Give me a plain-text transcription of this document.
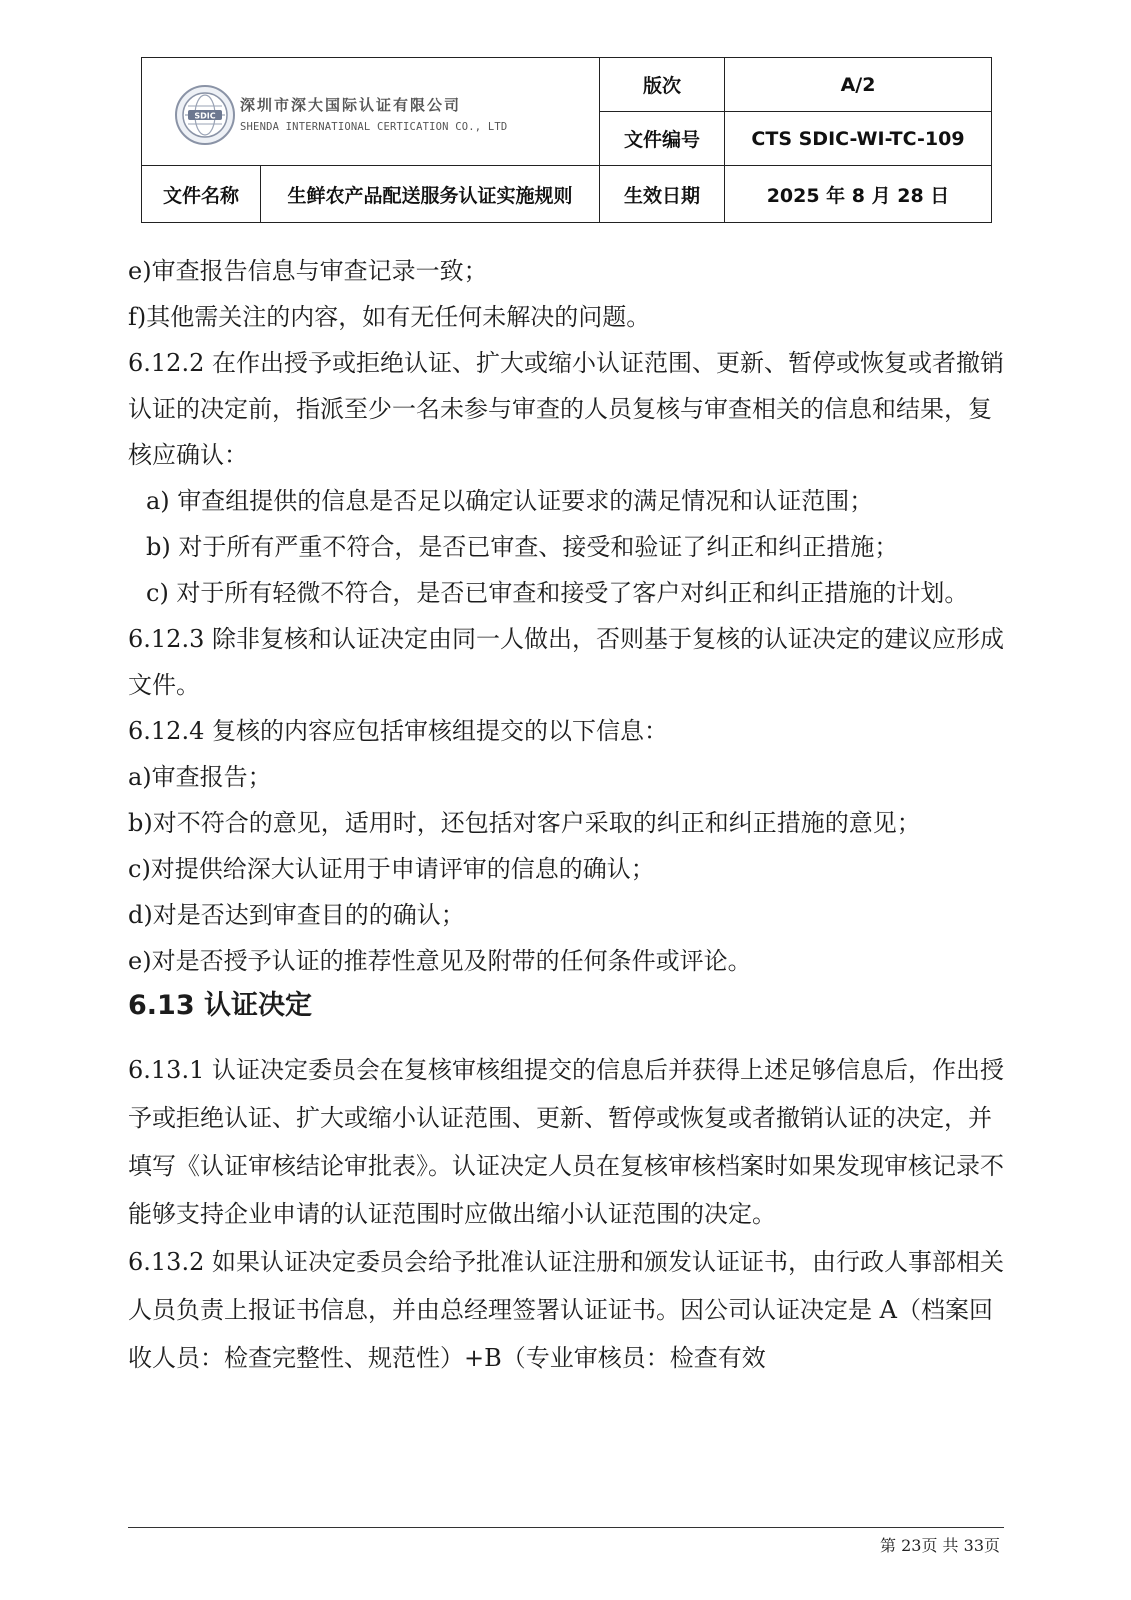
SDIC
深圳市深大国际认证有限公司
SHENDA INTERNATIONAL CERTICATION CO., LTD		版次	A/2
		文件编号	CTS SDIC-WI-TC-109
文件名称	生鲜农产品配送服务认证实施规则	生效日期	2025 年 8 月 28 日

e)审查报告信息与审查记录一致；

f)其他需关注的内容，如有无任何未解决的问题。

6.12.2 在作出授予或拒绝认证、扩大或缩小认证范围、更新、暂停或恢复或者撤销认证的决定前，指派至少一名未参与审查的人员复核与审查相关的信息和结果，复核应确认：

a) 审查组提供的信息是否足以确定认证要求的满足情况和认证范围；

b) 对于所有严重不符合，是否已审查、接受和验证了纠正和纠正措施；

c) 对于所有轻微不符合，是否已审查和接受了客户对纠正和纠正措施的计划。

6.12.3 除非复核和认证决定由同一人做出，否则基于复核的认证决定的建议应形成文件。

6.12.4 复核的内容应包括审核组提交的以下信息：

a)审查报告；

b)对不符合的意见，适用时，还包括对客户采取的纠正和纠正措施的意见；

c)对提供给深大认证用于申请评审的信息的确认；

d)对是否达到审查目的的确认；

e)对是否授予认证的推荐性意见及附带的任何条件或评论。

6.13 认证决定

6.13.1 认证决定委员会在复核审核组提交的信息后并获得上述足够信息后，作出授予或拒绝认证、扩大或缩小认证范围、更新、暂停或恢复或者撤销认证的决定，并填写《认证审核结论审批表》。认证决定人员在复核审核档案时如果发现审核记录不能够支持企业申请的认证范围时应做出缩小认证范围的决定。

6.13.2 如果认证决定委员会给予批准认证注册和颁发认证证书，由行政人事部相关人员负责上报证书信息，并由总经理签署认证证书。因公司认证决定是 A（档案回收人员：检查完整性、规范性）+B（专业审核员：检查有效

第 23页 共 33页
